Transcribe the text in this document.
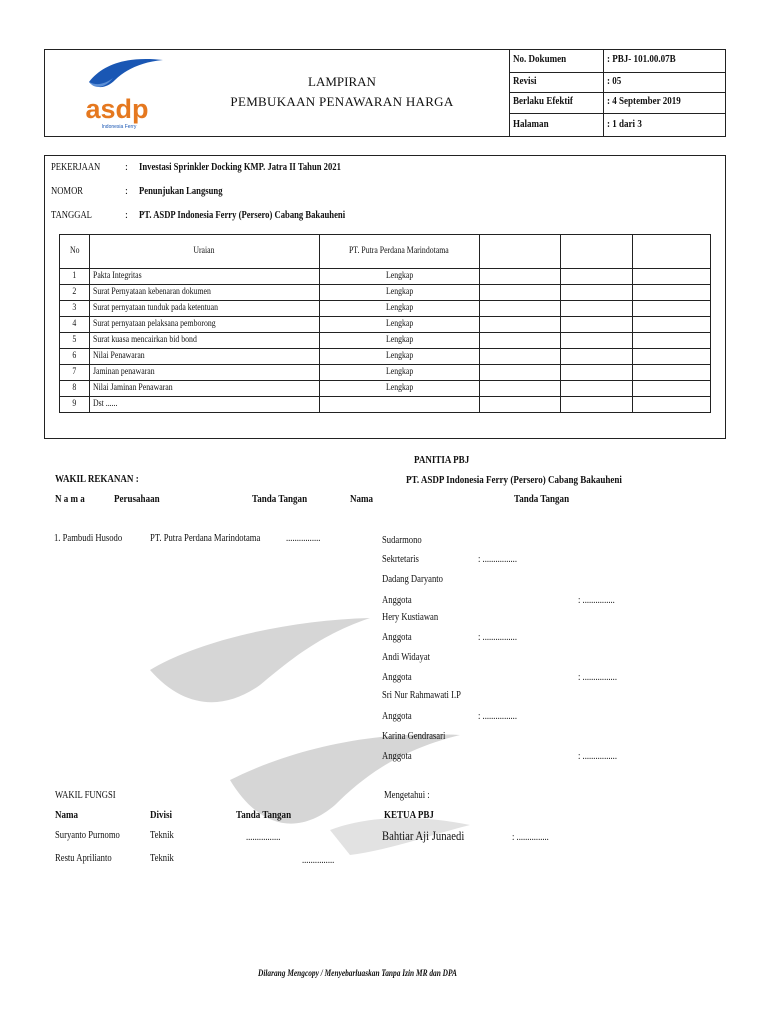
asdp
Indonesia Ferry
LAMPIRAN
PEMBUKAAN PENAWARAN HARGA
No. Dokumen	: PBJ- 101.00.07B
Revisi	: 05
Berlaku Efektif	: 4 September 2019
Halaman	: 1 dari 3
PEKERJAAN : Investasi Sprinkler Docking KMP. Jatra II Tahun 2021
NOMOR	: Penunjukan Langsung
TANGGAL	: PT. ASDP Indonesia Ferry (Persero) Cabang Bakauheni
No	Uraian	PT. Putra Perdana Marindotama			
1	Pakta Integritas	Lengkap			
2	Surat Pernyataan kebenaran dokumen	Lengkap			
3	Surat pernyataan tunduk pada ketentuan	Lengkap			
4	Surat pernyataan pelaksana pemborong	Lengkap			
5	Surat kuasa mencairkan bid bond	Lengkap			
6	Nilai Penawaran	Lengkap			
7	Jaminan penawaran	Lengkap			
8	Nilai Jaminan Penawaran	Lengkap			
9	Dst ......				
PANITIA PBJ
PT. ASDP Indonesia Ferry (Persero) Cabang Bakauheni
WAKIL REKANAN :
N a m a	Perusahaan	Tanda Tangan	Nama	Tanda Tangan
1. Pambudi Husodo	PT. Putra Perdana Marindotama ................	Sudarmono
Sekrtetaris	: ................
Dadang Daryanto
Anggota	: ...............
Hery Kustiawan
Anggota	: ................
Andi Widayat
Anggota	: ................
Sri Nur Rahmawati I.P
Anggota	: ................
Karina Gendrasari
Anggota	: ................
WAKIL FUNGSI
Nama	Divisi	Tanda Tangan
Suryanto Purnomo	Teknik	................
Restu Aprilianto	Teknik	...............
Mengetahui :
KETUA PBJ
Bahtiar Aji Junaedi	: ...............
Dilarang Mengcopy / Menyebarluaskan Tanpa Izin MR dan DPA
